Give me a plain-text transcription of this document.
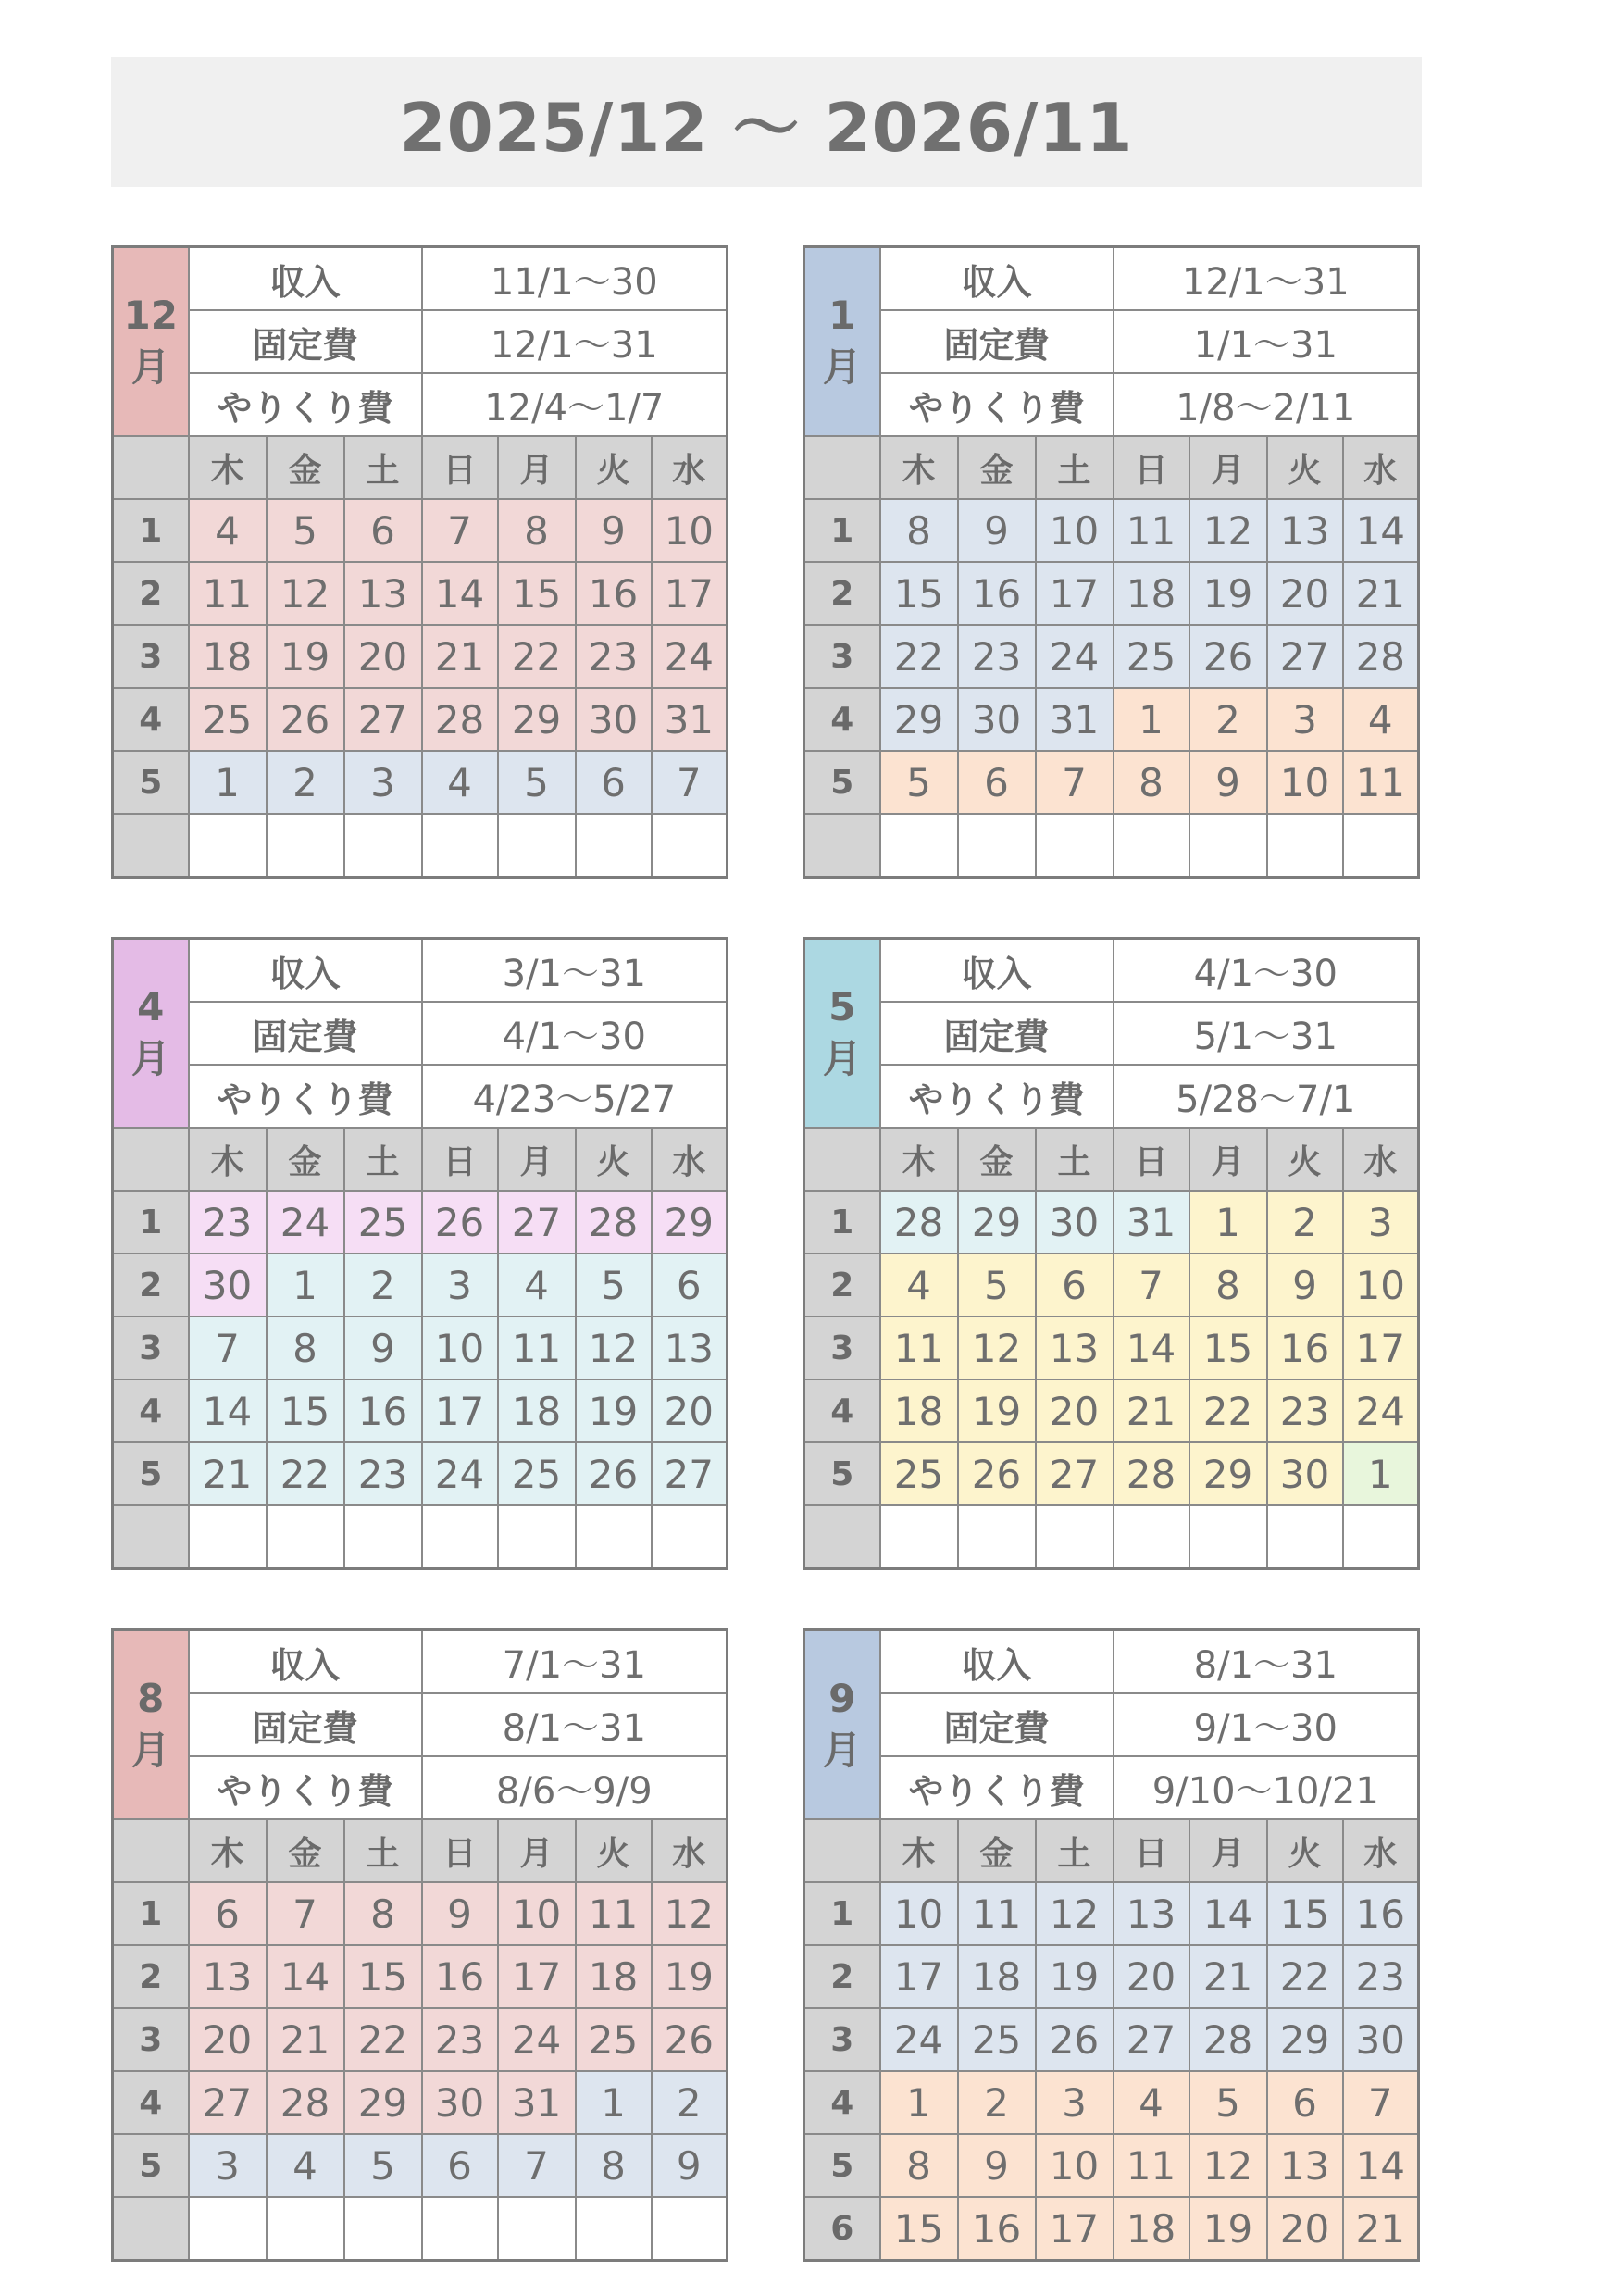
2025/12 〜 2026/11
12
月	収入			11/1〜30			
	固定費			12/1〜31			
	やりくり費			12/4〜1/7			
	木	金	土	日	月	火	水
1	4	5	6	7	8	9	10
2	11	12	13	14	15	16	17
3	18	19	20	21	22	23	24
4	25	26	27	28	29	30	31
5	1	2	3	4	5	6	7

1
月	収入			12/1〜31			
	固定費			1/1〜31			
	やりくり費			1/8〜2/11			
	木	金	土	日	月	火	水
1	8	9	10	11	12	13	14
2	15	16	17	18	19	20	21
3	22	23	24	25	26	27	28
4	29	30	31	1	2	3	4
5	5	6	7	8	9	10	11

4
月	収入			3/1〜31			
	固定費			4/1〜30			
	やりくり費			4/23〜5/27			
	木	金	土	日	月	火	水
1	23	24	25	26	27	28	29
2	30	1	2	3	4	5	6
3	7	8	9	10	11	12	13
4	14	15	16	17	18	19	20
5	21	22	23	24	25	26	27

5
月	収入			4/1〜30			
	固定費			5/1〜31			
	やりくり費			5/28〜7/1			
	木	金	土	日	月	火	水
1	28	29	30	31	1	2	3
2	4	5	6	7	8	9	10
3	11	12	13	14	15	16	17
4	18	19	20	21	22	23	24
5	25	26	27	28	29	30	1

8
月	収入			7/1〜31			
	固定費			8/1〜31			
	やりくり費			8/6〜9/9			
	木	金	土	日	月	火	水
1	6	7	8	9	10	11	12
2	13	14	15	16	17	18	19
3	20	21	22	23	24	25	26
4	27	28	29	30	31	1	2
5	3	4	5	6	7	8	9

9
月	収入			8/1〜31			
	固定費			9/1〜30			
	やりくり費			9/10〜10/21			
	木	金	土	日	月	火	水
1	10	11	12	13	14	15	16
2	17	18	19	20	21	22	23
3	24	25	26	27	28	29	30
4	1	2	3	4	5	6	7
5	8	9	10	11	12	13	14
6	15	16	17	18	19	20	21
